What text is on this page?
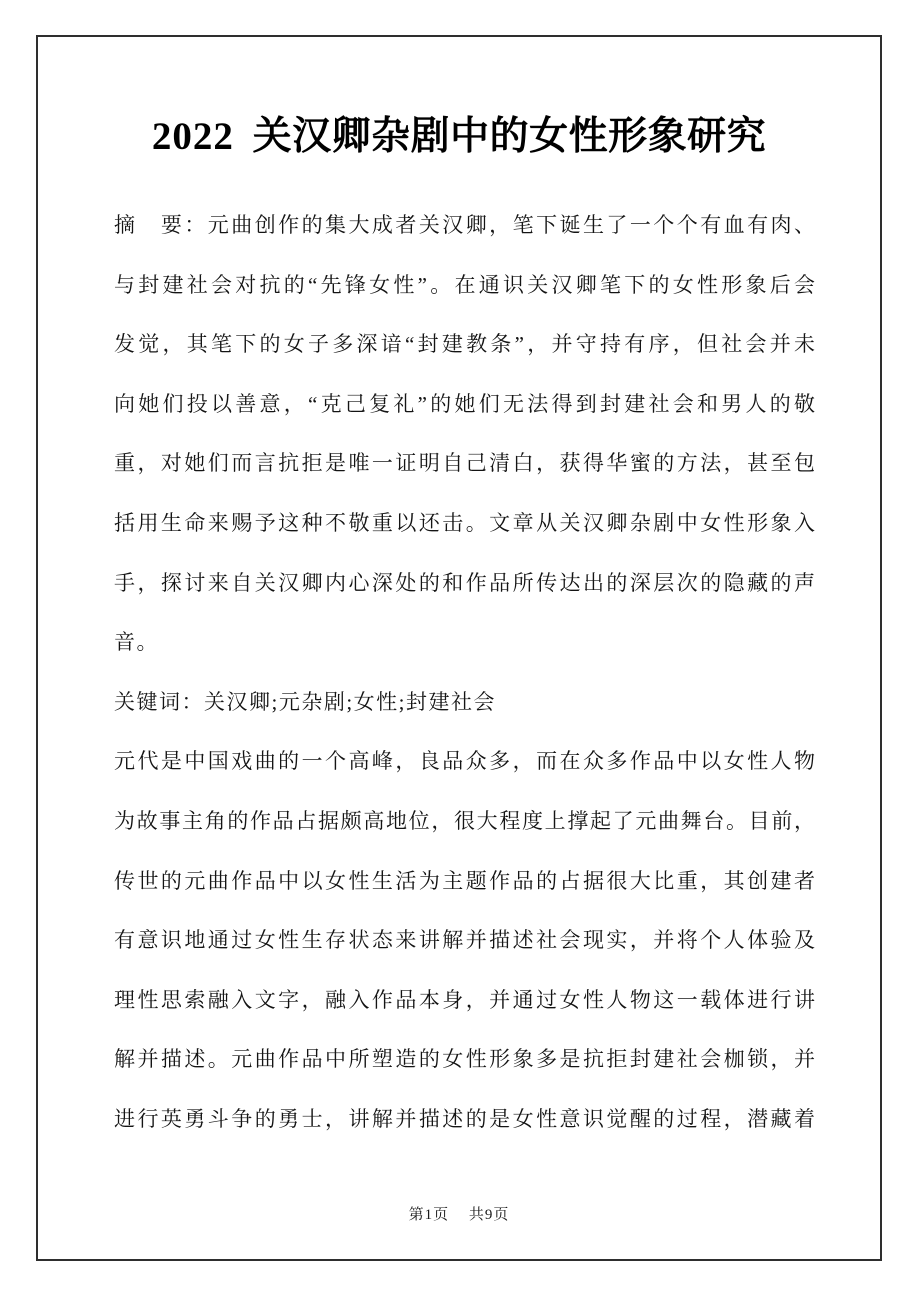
2022 关汉卿杂剧中的女性形象研究
摘　要：元曲创作的集大成者关汉卿，笔下诞生了一个个有血有肉、
与封建社会对抗的“先锋女性”。在通识关汉卿笔下的女性形象后会
发觉，其笔下的女子多深谙“封建教条”，并守持有序，但社会并未
向她们投以善意，“克己复礼”的她们无法得到封建社会和男人的敬
重，对她们而言抗拒是唯一证明自己清白，获得华蜜的方法，甚至包
括用生命来赐予这种不敬重以还击。文章从关汉卿杂剧中女性形象入
手，探讨来自关汉卿内心深处的和作品所传达出的深层次的隐藏的声
音。
关键词：关汉卿;元杂剧;女性;封建社会
元代是中国戏曲的一个高峰，良品众多，而在众多作品中以女性人物
为故事主角的作品占据颇高地位，很大程度上撑起了元曲舞台。目前，
传世的元曲作品中以女性生活为主题作品的占据很大比重，其创建者
有意识地通过女性生存状态来讲解并描述社会现实，并将个人体验及
理性思索融入文字，融入作品本身，并通过女性人物这一载体进行讲
解并描述。元曲作品中所塑造的女性形象多是抗拒封建社会枷锁，并
进行英勇斗争的勇士，讲解并描述的是女性意识觉醒的过程，潜藏着
第1页 共9页
